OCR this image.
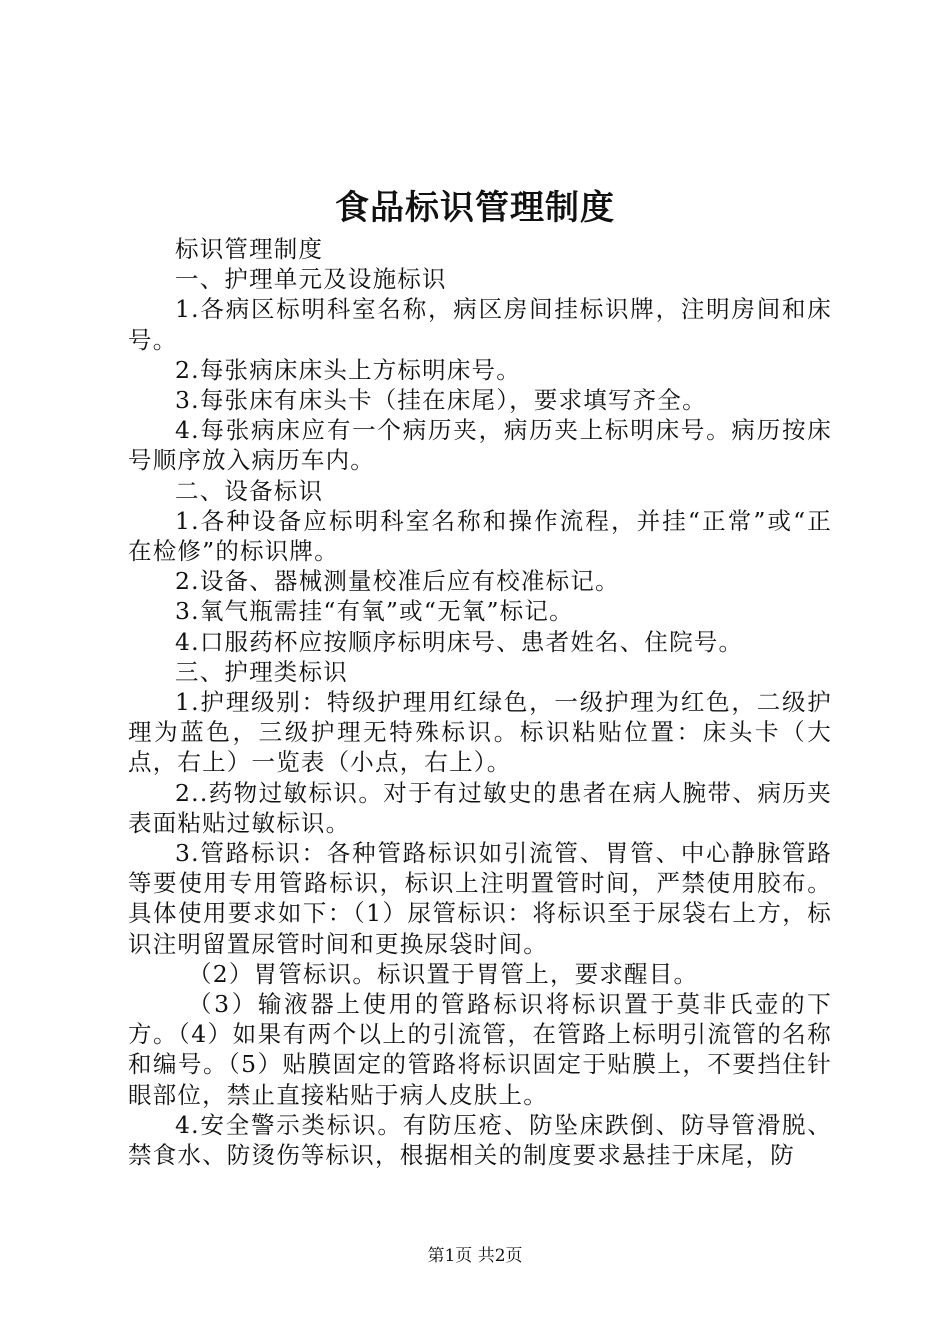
食品标识管理制度

标识管理制度

一、护理单元及设施标识

1.各病区标明科室名称，病区房间挂标识牌，注明房间和床号。

2.每张病床床头上方标明床号。

3.每张床有床头卡（挂在床尾），要求填写齐全。

4.每张病床应有一个病历夹，病历夹上标明床号。病历按床号顺序放入病历车内。

二、设备标识

1.各种设备应标明科室名称和操作流程，并挂“正常”或“正在检修”的标识牌。

2.设备、器械测量校准后应有校准标记。

3.氧气瓶需挂“有氧”或“无氧”标记。

4.口服药杯应按顺序标明床号、患者姓名、住院号。

三、护理类标识

1.护理级别：特级护理用红绿色，一级护理为红色，二级护理为蓝色，三级护理无特殊标识。标识粘贴位置：床头卡（大点，右上）一览表（小点，右上）。

2..药物过敏标识。对于有过敏史的患者在病人腕带、病历夹表面粘贴过敏标识。

3.管路标识：各种管路标识如引流管、胃管、中心静脉管路等要使用专用管路标识，标识上注明置管时间，严禁使用胶布。具体使用要求如下：（1）尿管标识：将标识至于尿袋右上方，标识注明留置尿管时间和更换尿袋时间。

（2）胃管标识。标识置于胃管上，要求醒目。

（3）输液器上使用的管路标识将标识置于莫非氏壶的下方。（4）如果有两个以上的引流管，在管路上标明引流管的名称和编号。（5）贴膜固定的管路将标识固定于贴膜上，不要挡住针眼部位，禁止直接粘贴于病人皮肤上。

4.安全警示类标识。有防压疮、防坠床跌倒、防导管滑脱、禁食水、防烫伤等标识，根据相关的制度要求悬挂于床尾，防

第1页 共2页
